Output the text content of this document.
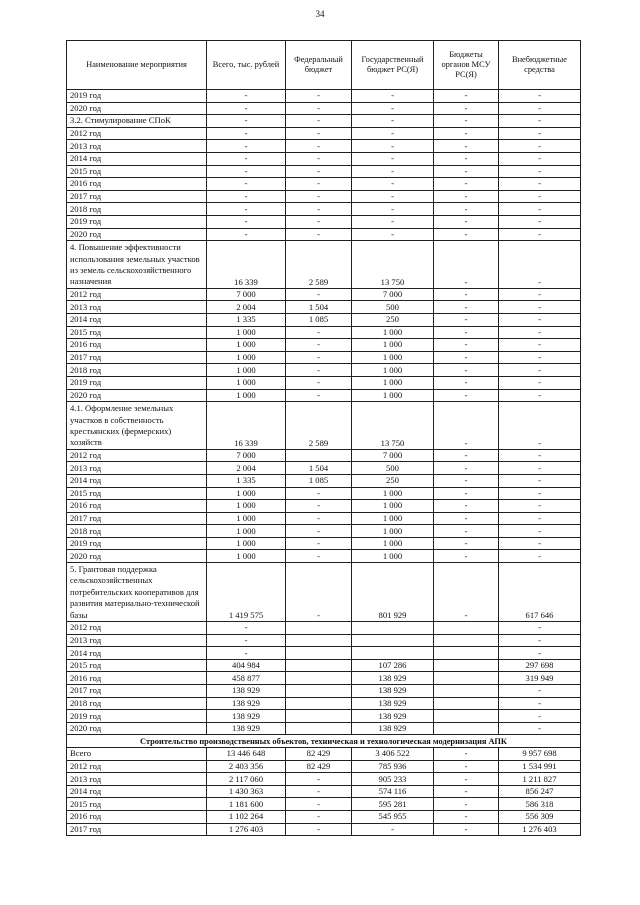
34
Наименование мероприятия	Всего, тыс. рублей	Федеральный бюджет	Государственный бюджет РС(Я)	Бюджеты органов МСУ РС(Я)	Внебюджетные средства
2019 год	-	-	-	-	-
2020 год	-	-	-	-	-
3.2. Стимулирование СПоК	-	-	-	-	-
2012 год	-	-	-	-	-
2013 год	-	-	-	-	-
2014 год	-	-	-	-	-
2015 год	-	-	-	-	-
2016 год	-	-	-	-	-
2017 год	-	-	-	-	-
2018 год	-	-	-	-	-
2019 год	-	-	-	-	-
2020 год	-	-	-	-	-
4. Повышение эффективности использования земельных участков из земель сельскохозяйственного назначения	16 339	2 589	13 750	-	-
2012 год	7 000	-	7 000	-	-
2013 год	2 004	1 504	500	-	-
2014 год	1 335	1 085	250	-	-
2015 год	1 000	-	1 000	-	-
2016 год	1 000	-	1 000	-	-
2017 год	1 000	-	1 000	-	-
2018 год	1 000	-	1 000	-	-
2019 год	1 000	-	1 000	-	-
2020 год	1 000	-	1 000	-	-
4.1. Оформление земельных участков в собственность крестьянских (фермерских) хозяйств	16 339	2 589	13 750	-	-
2012 год	7 000		7 000	-	-
2013 год	2 004	1 504	500	-	-
2014 год	1 335	1 085	250	-	-
2015 год	1 000	-	1 000	-	-
2016 год	1 000	-	1 000	-	-
2017 год	1 000	-	1 000	-	-
2018 год	1 000	-	1 000	-	-
2019 год	1 000	-	1 000	-	-
2020 год	1 000	-	1 000	-	-
5. Грантовая поддержка сельскохозяйственных потребительских кооперативов для развития материально-технической базы	1 419 575	-	801 929	-	617 646
2012 год	-				-
2013 год	-				-
2014 год	-				-
2015 год	404 984		107 286		297 698
2016 год	458 877		138 929		319 949
2017 год	138 929		138 929		-
2018 год	138 929		138 929		-
2019 год	138 929		138 929		-
2020 год	138 929		138 929		-
Строительство производственных объектов, техническая и технологическая модернизация АПК					
Всего	13 446 648	82 429	3 406 522	-	9 957 698
2012 год	2 403 356	82 429	785 936	-	1 534 991
2013 год	2 117 060	-	905 233	-	1 211 827
2014 год	1 430 363	-	574 116	-	856 247
2015 год	1 181 600	-	595 281	-	586 318
2016 год	1 102 264	-	545 955	-	556 309
2017 год	1 276 403	-	-	-	1 276 403
